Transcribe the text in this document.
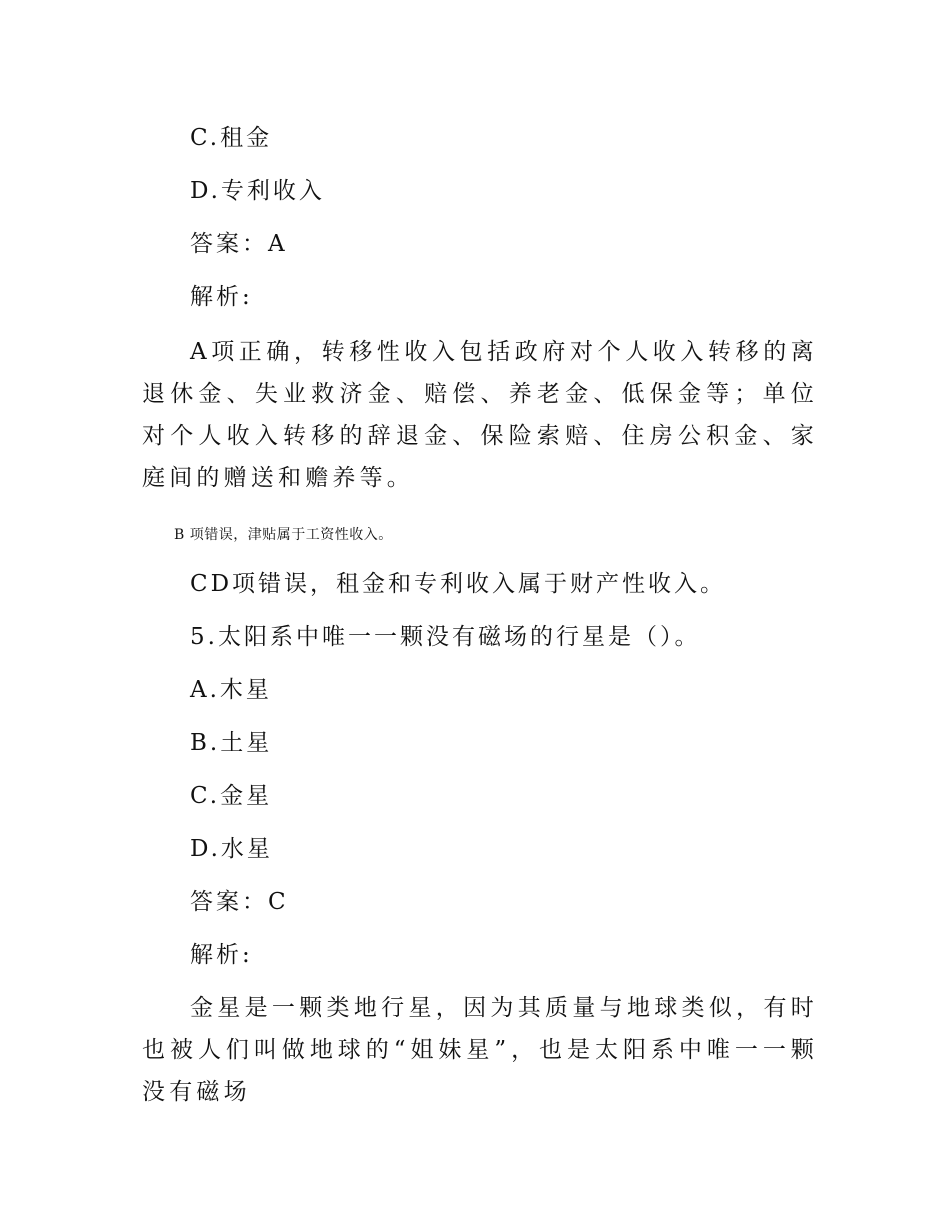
C.租金
D.专利收入
答案：A
解析:

A项正确，转移性收入包括政府对个人收入转移的离退休金、失业救济金、赔偿、养老金、低保金等；单位对个人收入转移的辞退金、保险索赔、住房公积金、家庭间的赠送和赡养等。

B 项错误，津贴属于工资性收入。
CD项错误，租金和专利收入属于财产性收入。
5.太阳系中唯一一颗没有磁场的行星是（）。
A.木星
B.土星
C.金星
D.水星
答案：C
解析:

金星是一颗类地行星，因为其质量与地球类似，有时也被人们叫做地球的“姐妹星”，也是太阳系中唯一一颗没有磁场
